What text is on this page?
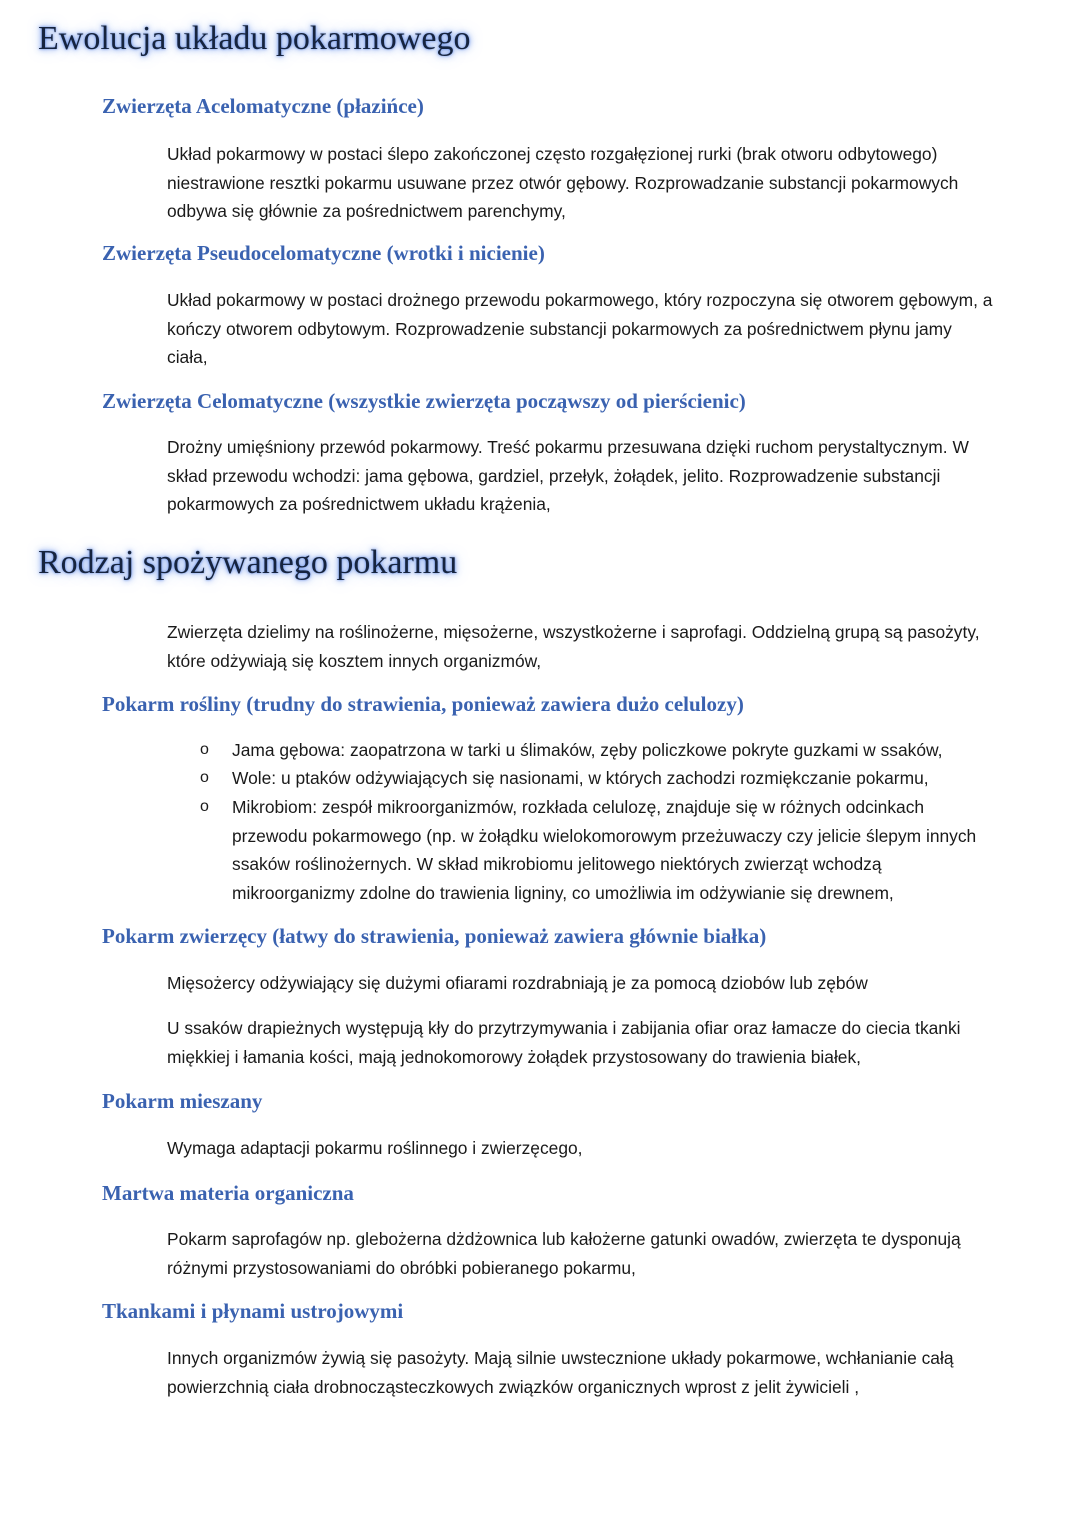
Ewolucja układu pokarmowego
Zwierzęta Acelomatyczne (płazińce)

Układ pokarmowy w postaci ślepo zakończonej często rozgałęzionej rurki (brak otworu odbytowego) niestrawione resztki pokarmu usuwane przez otwór gębowy. Rozprowadzanie substancji pokarmowych odbywa się głównie za pośrednictwem parenchymy,

Zwierzęta Pseudocelomatyczne (wrotki i nicienie)

Układ pokarmowy w postaci drożnego przewodu pokarmowego, który rozpoczyna się otworem gębowym, a kończy otworem odbytowym. Rozprowadzenie substancji pokarmowych za pośrednictwem płynu jamy ciała,

Zwierzęta Celomatyczne (wszystkie zwierzęta począwszy od pierścienic)

Drożny umięśniony przewód pokarmowy. Treść pokarmu przesuwana dzięki ruchom perystaltycznym. W skład przewodu wchodzi: jama gębowa, gardziel, przełyk, żołądek, jelito. Rozprowadzenie substancji pokarmowych za pośrednictwem układu krążenia,

Rodzaj spożywanego pokarmu

Zwierzęta dzielimy na roślinożerne, mięsożerne, wszystkożerne i saprofagi. Oddzielną grupą są pasożyty, które odżywiają się kosztem innych organizmów,

Pokarm rośliny (trudny do strawienia, ponieważ zawiera dużo celulozy)
o Jama gębowa: zaopatrzona w tarki u ślimaków, zęby policzkowe pokryte guzkami w ssaków,
o Wole: u ptaków odżywiających się nasionami, w których zachodzi rozmiękczanie pokarmu,
o Mikrobiom: zespół mikroorganizmów, rozkłada celulozę, znajduje się w różnych odcinkach przewodu pokarmowego (np. w żołądku wielokomorowym przeżuwaczy czy jelicie ślepym innych ssaków roślinożernych. W skład mikrobiomu jelitowego niektórych zwierząt wchodzą mikroorganizmy zdolne do trawienia ligniny, co umożliwia im odżywianie się drewnem,
Pokarm zwierzęcy (łatwy do strawienia, ponieważ zawiera głównie białka)

Mięsożercy odżywiający się dużymi ofiarami rozdrabniają je za pomocą dziobów lub zębów

U ssaków drapieżnych występują kły do przytrzymywania i zabijania ofiar oraz łamacze do ciecia tkanki miękkiej i łamania kości, mają jednokomorowy żołądek przystosowany do trawienia białek,

Pokarm mieszany

Wymaga adaptacji pokarmu roślinnego i zwierzęcego,

Martwa materia organiczna

Pokarm saprofagów np. glebożerna dżdżownica lub kałożerne gatunki owadów, zwierzęta te dysponują różnymi przystosowaniami do obróbki pobieranego pokarmu,

Tkankami i płynami ustrojowymi

Innych organizmów żywią się pasożyty. Mają silnie uwstecznione układy pokarmowe, wchłanianie całą powierzchnią ciała drobnocząsteczkowych związków organicznych wprost z jelit żywicieli ,
